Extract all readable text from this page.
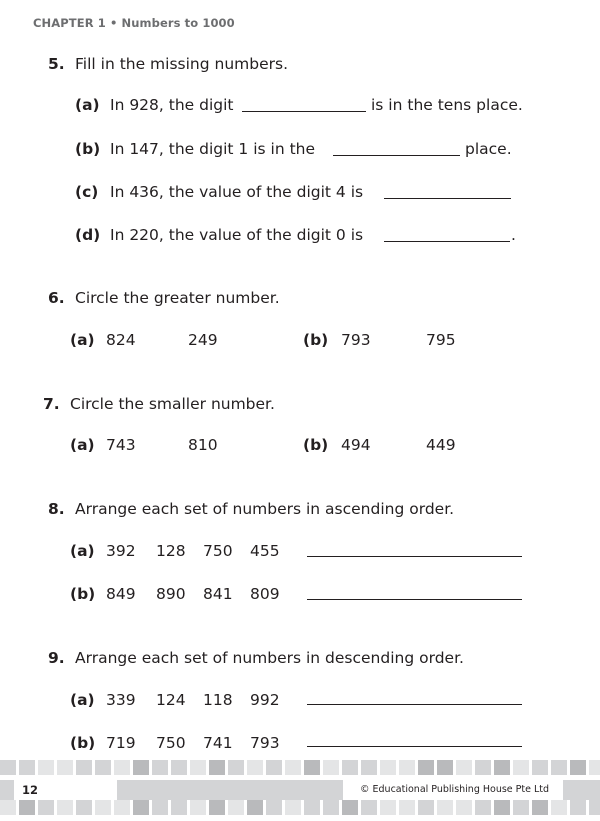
CHAPTER 1 • Numbers to 1000
5. Fill in the missing numbers.
(a) In 928, the digit	is in the tens place.
(b) In 147, the digit 1 is in the	place.
(c) In 436, the value of the digit 4 is
(d) In 220, the value of the digit 0 is	.
6. Circle the greater number.
(a) 824	249	(b) 793	795
7. Circle the smaller number.
(a) 743	810	(b) 494	449
8. Arrange each set of numbers in ascending order.
(a) 392 128 750 455
(b) 849 890 841 809
9. Arrange each set of numbers in descending order.
(a) 339 124 118 992
(b) 719 750 741 793
12	© Educational Publishing House Pte Ltd
